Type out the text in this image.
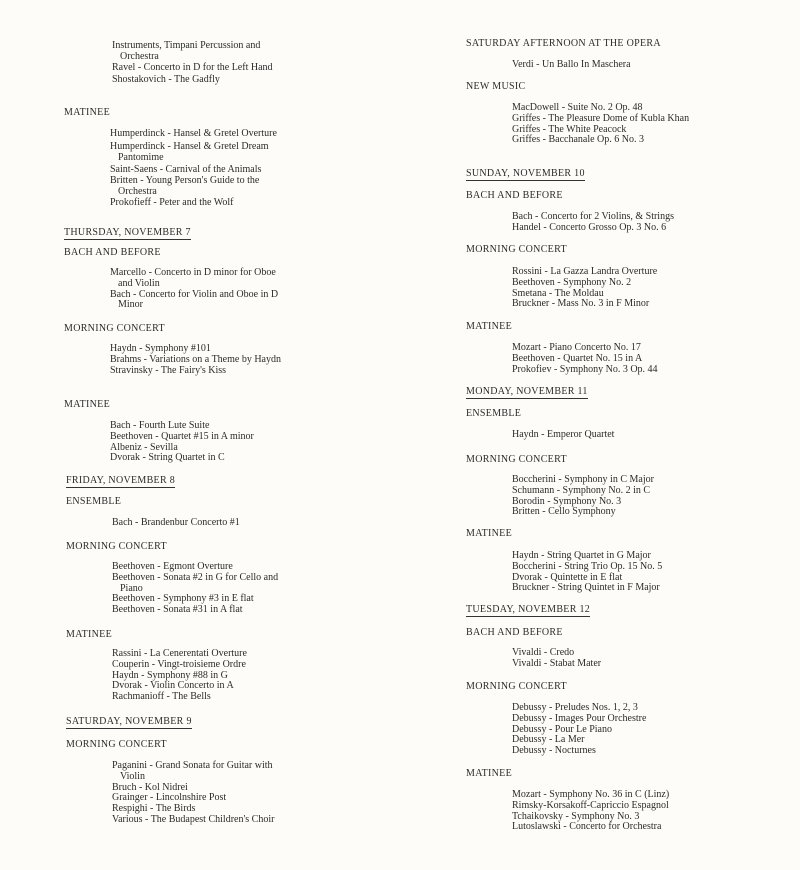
Instruments, Timpani Percussion and Orchestra
Ravel - Concerto in D for the Left Hand
Shostakovich - The Gadfly
MATINEE
Humperdinck - Hansel & Gretel Overture
Humperdinck - Hansel & Gretel Dream Pantomime
Saint-Saens - Carnival of the Animals
Britten - Young Person's Guide to the Orchestra
Prokofieff - Peter and the Wolf
THURSDAY, NOVEMBER 7
BACH AND BEFORE
Marcello - Concerto in D minor for Oboe and Violin
Bach - Concerto for Violin and Oboe in D Minor
MORNING CONCERT
Haydn - Symphony #101
Brahms - Variations on a Theme by Haydn
Stravinsky - The Fairy's Kiss
MATINEE
Bach - Fourth Lute Suite
Beethoven - Quartet #15 in A minor
Albeniz - Sevilla
Dvorak - String Quartet in C
FRIDAY, NOVEMBER 8
ENSEMBLE
Bach - Brandenbur Concerto #1
MORNING CONCERT
Beethoven - Egmont Overture
Beethoven - Sonata #2 in G for Cello and Piano
Beethoven - Symphony #3 in E flat
Beethoven - Sonata #31 in A flat
MATINEE
Rassini - La Cenerentati Overture
Couperin - Vingt-troisieme Ordre
Haydn - Symphony #88 in G
Dvorak - Violin Concerto in A
Rachmanioff - The Bells
SATURDAY, NOVEMBER 9
MORNING CONCERT
Paganini - Grand Sonata for Guitar with Violin
Bruch - Kol Nidrei
Grainger - Lincolnshire Post
Respighi - The Birds
Various - The Budapest Children's Choir
SATURDAY AFTERNOON AT THE OPERA
Verdi - Un Ballo In Maschera
NEW MUSIC
MacDowell - Suite No. 2 Op. 48
Griffes - The Pleasure Dome of Kubla Khan
Griffes - The White Peacock
Griffes - Bacchanale Op. 6 No. 3
SUNDAY, NOVEMBER 10
BACH AND BEFORE
Bach - Concerto for 2 Violins, & Strings
Handel - Concerto Grosso Op. 3 No. 6
MORNING CONCERT
Rossini - La Gazza Landra Overture
Beethoven - Symphony No. 2
Smetana - The Moldau
Bruckner - Mass No. 3 in F Minor
MATINEE
Mozart - Piano Concerto No. 17
Beethoven - Quartet No. 15 in A
Prokofiev - Symphony No. 3 Op. 44
MONDAY, NOVEMBER 11
ENSEMBLE
Haydn - Emperor Quartet
MORNING CONCERT
Boccherini - Symphony in C Major
Schumann - Symphony No. 2 in C
Borodin - Symphony No. 3
Britten - Cello Symphony
MATINEE
Haydn - String Quartet in G Major
Boccherini - String Trio Op. 15 No. 5
Dvorak - Quintette in E flat
Bruckner - String Quintet in F Major
TUESDAY, NOVEMBER 12
BACH AND BEFORE
Vivaldi - Credo
Vivaldi - Stabat Mater
MORNING CONCERT
Debussy - Preludes Nos. 1, 2, 3
Debussy - Images Pour Orchestre
Debussy - Pour Le Piano
Debussy - La Mer
Debussy - Nocturnes
MATINEE
Mozart - Symphony No. 36 in C (Linz)
Rimsky-Korsakoff-Capriccio Espagnol
Tchaikovsky - Symphony No. 3
Lutoslawski - Concerto for Orchestra
